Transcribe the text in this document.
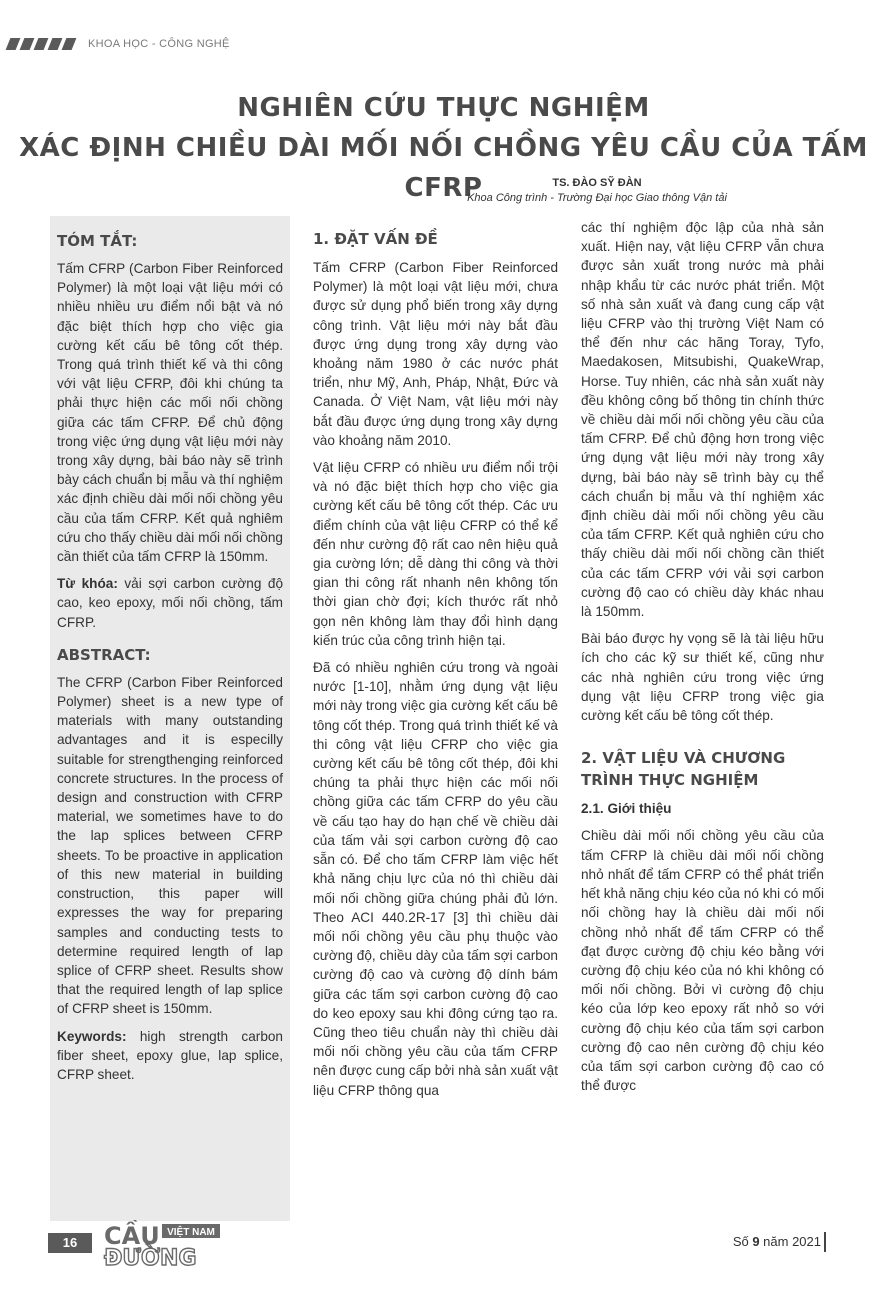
KHOA HỌC - CÔNG NGHỆ
NGHIÊN CỨU THỰC NGHIỆM
XÁC ĐỊNH CHIỀU DÀI MỐI NỐI CHỒNG YÊU CẦU CỦA TẤM CFRP	TS. ĐÀO SỸ ĐÀN
Khoa Công trình - Trường Đại học Giao thông Vận tải
TÓM TẮT:

Tấm CFRP (Carbon Fiber Reinforced Polymer) là một loại vật liệu mới có nhiều nhiều ưu điểm nổi bật và nó đặc biệt thích hợp cho việc gia cường kết cấu bê tông cốt thép. Trong quá trình thiết kế và thi công với vật liệu CFRP, đôi khi chúng ta phải thực hiện các mối nối chồng giữa các tấm CFRP. Để chủ động trong việc ứng dụng vật liệu mới này trong xây dựng, bài báo này sẽ trình bày cách chuẩn bị mẫu và thí nghiệm xác định chiều dài mối nối chồng yêu cầu của tấm CFRP. Kết quả nghiêm cứu cho thấy chiều dài mối nối chồng cần thiết của tấm CFRP là 150mm.

Từ khóa: vải sợi carbon cường độ cao, keo epoxy, mối nối chồng, tấm CFRP.

ABSTRACT:

The CFRP (Carbon Fiber Reinforced Polymer) sheet is a new type of materials with many outstanding advantages and it is especilly suitable for strengthenging reinforced concrete structures. In the process of design and construction with CFRP material, we sometimes have to do the lap splices between CFRP sheets. To be proactive in application of this new material in building construction, this paper will expresses the way for preparing samples and conducting tests to determine required length of lap splice of CFRP sheet. Results show that the required length of lap splice of CFRP sheet is 150mm.

Keywords: high strength carbon fiber sheet, epoxy glue, lap splice, CFRP sheet.

1. ĐẶT VẤN ĐỀ

Tấm CFRP (Carbon Fiber Reinforced Polymer) là một loại vật liệu mới, chưa được sử dụng phổ biến trong xây dựng công trình. Vật liệu mới này bắt đầu được ứng dụng trong xây dựng vào khoảng năm 1980 ở các nước phát triển, như Mỹ, Anh, Pháp, Nhật, Đức và Canada. Ở Việt Nam, vật liệu mới này bắt đầu được ứng dụng trong xây dựng vào khoảng năm 2010.

Vật liệu CFRP có nhiều ưu điểm nổi trội và nó đặc biệt thích hợp cho việc gia cường kết cấu bê tông cốt thép. Các ưu điểm chính của vật liệu CFRP có thể kể đến như cường độ rất cao nên hiệu quả gia cường lớn; dễ dàng thi công và thời gian thi công rất nhanh nên không tốn thời gian chờ đợi; kích thước rất nhỏ gọn nên không làm thay đổi hình dạng kiến trúc của công trình hiện tại.

Đã có nhiều nghiên cứu trong và ngoài nước [1-10], nhằm ứng dụng vật liệu mới này trong việc gia cường kết cấu bê tông cốt thép. Trong quá trình thiết kế và thi công vật liệu CFRP cho việc gia cường kết cấu bê tông cốt thép, đôi khi chúng ta phải thực hiện các mối nối chồng giữa các tấm CFRP do yêu cầu về cấu tạo hay do hạn chế về chiều dài của tấm vải sợi carbon cường độ cao sẵn có. Để cho tấm CFRP làm việc hết khả năng chịu lực của nó thì chiều dài mối nối chồng giữa chúng phải đủ lớn. Theo ACI 440.2R-17 [3] thì chiều dài mối nối chồng yêu cầu phụ thuộc vào cường độ, chiều dày của tấm sợi carbon cường độ cao và cường độ dính bám giữa các tấm sợi carbon cường độ cao do keo epoxy sau khi đông cứng tạo ra. Cũng theo tiêu chuẩn này thì chiều dài mối nối chồng yêu cầu của tấm CFRP nên được cung cấp bởi nhà sản xuất vật liệu CFRP thông qua

các thí nghiệm độc lập của nhà sản xuất. Hiện nay, vật liệu CFRP vẫn chưa được sản xuất trong nước mà phải nhập khẩu từ các nước phát triển. Một số nhà sản xuất và đang cung cấp vật liệu CFRP vào thị trường Việt Nam có thể đến như các hãng Toray, Tyfo, Maedakosen, Mitsubishi, QuakeWrap, Horse. Tuy nhiên, các nhà sản xuất này đều không công bố thông tin chính thức về chiều dài mối nối chồng yêu cầu của tấm CFRP. Để chủ động hơn trong việc ứng dụng vật liệu mới này trong xây dựng, bài báo này sẽ trình bày cụ thể cách chuẩn bị mẫu và thí nghiệm xác định chiều dài mối nối chồng yêu cầu của tấm CFRP. Kết quả nghiên cứu cho thấy chiều dài mối nối chồng cần thiết của các tấm CFRP với vải sợi carbon cường độ cao có chiều dày khác nhau là 150mm.

Bài báo được hy vọng sẽ là tài liệu hữu ích cho các kỹ sư thiết kế, cũng như các nhà nghiên cứu trong việc ứng dụng vật liệu CFRP trong việc gia cường kết cấu bê tông cốt thép.

2. VẬT LIỆU VÀ CHƯƠNG TRÌNH THỰC NGHIỆM
2.1. Giới thiệu

Chiều dài mối nối chồng yêu cầu của tấm CFRP là chiều dài mối nối chồng nhỏ nhất để tấm CFRP có thể phát triển hết khả năng chịu kéo của nó khi có mối nối chồng hay là chiều dài mối nối chồng nhỏ nhất để tấm CFRP có thể đạt được cường độ chịu kéo bằng với cường độ chịu kéo của nó khi không có mối nối chồng. Bởi vì cường độ chịu kéo của lớp keo epoxy rất nhỏ so với cường độ chịu kéo của tấm sợi carbon cường độ cao nên cường độ chịu kéo của tấm sợi carbon cường độ cao có thể được

16	CẦU VIỆT NAM
ĐƯỜNG
Số 9 năm 2021
